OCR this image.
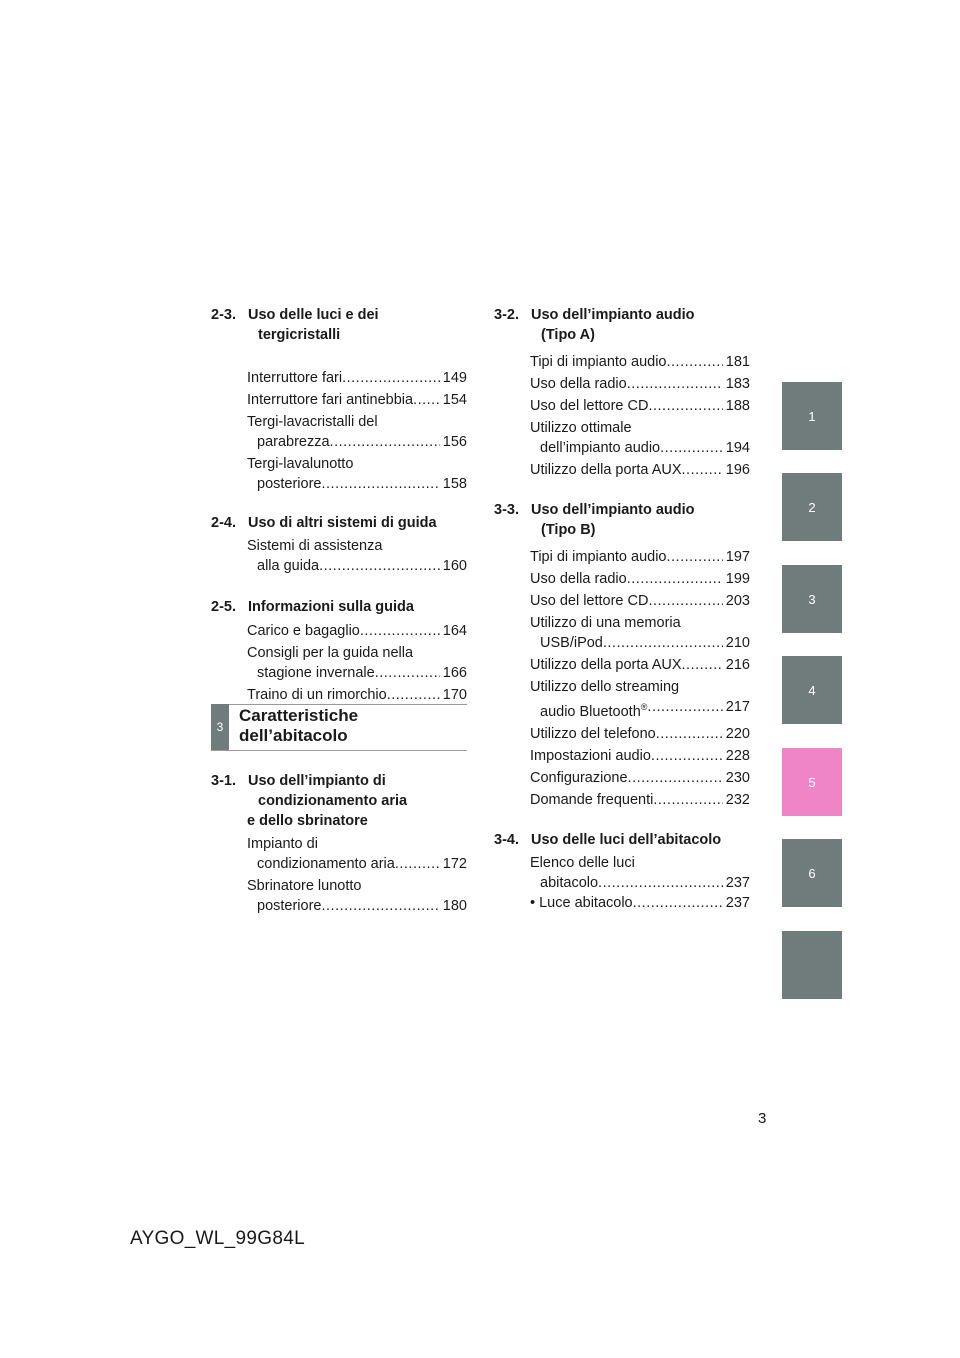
2-3. Uso delle luci e dei
tergicristalli
Interruttore fari .....	149
Interruttore fari antinebbia ..... 154
Tergi-lavacristalli del
parabrezza .....	156
Tergi-lavalunotto
posteriore .....	158
2-4. Uso di altri sistemi di guida
Sistemi di assistenza
alla guida .....	160
2-5. Informazioni sulla guida
Carico e bagaglio .....	164
Consigli per la guida nella
stagione invernale .....	166
Traino di un rimorchio .....	170
3
Caratteristiche
dell’abitacolo
3-1. Uso dell’impianto di
condizionamento aria
e dello sbrinatore
Impianto di
condizionamento aria .....	172
Sbrinatore lunotto
posteriore .....	180
3-2. Uso dell’impianto audio
(Tipo A)
Tipi di impianto audio .....	181
Uso della radio .....	183
Uso del lettore CD .....	188
Utilizzo ottimale
dell’impianto audio .....	194
Utilizzo della porta AUX .....	196
3-3. Uso dell’impianto audio
(Tipo B)
Tipi di impianto audio .....	197
Uso della radio .....	199
Uso del lettore CD .....	203
Utilizzo di una memoria
USB/iPod .....	210
Utilizzo della porta AUX .....	216
Utilizzo dello streaming
audio Bluetooth® .....	217
Utilizzo del telefono .....	220
Impostazioni audio .....	228
Configurazione .....	230
Domande frequenti .....	232
3-4. Uso delle luci dell’abitacolo
Elenco delle luci
abitacolo .....	237
• Luce abitacolo .....	237
1
2
3
4
5
6
3
AYGO_WL_99G84L
